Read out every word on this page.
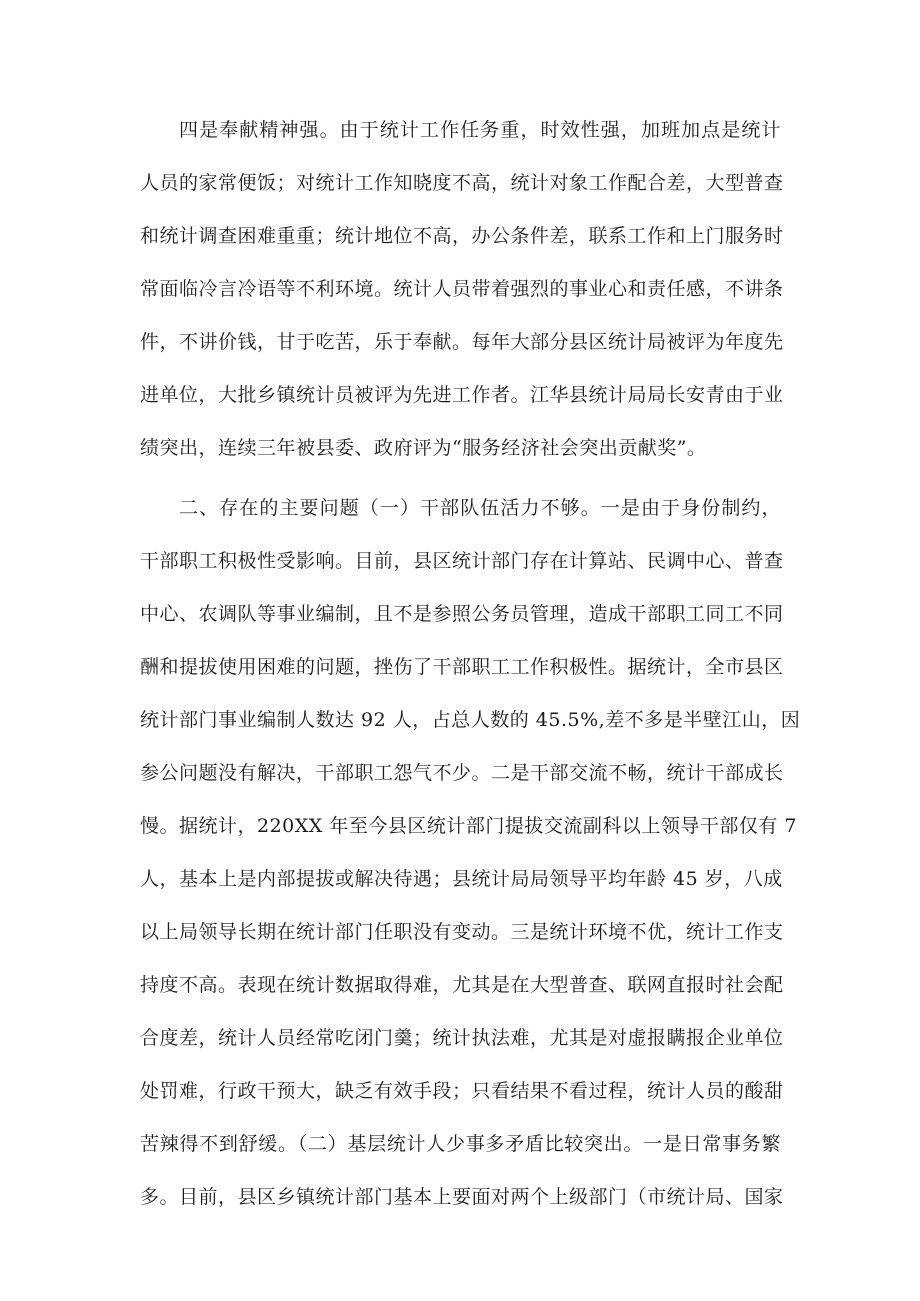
四是奉献精神强。由于统计工作任务重，时效性强，加班加点是统计
人员的家常便饭；对统计工作知晓度不高，统计对象工作配合差，大型普查
和统计调查困难重重；统计地位不高，办公条件差，联系工作和上门服务时
常面临冷言冷语等不利环境。统计人员带着强烈的事业心和责任感，不讲条
件，不讲价钱，甘于吃苦，乐于奉献。每年大部分县区统计局被评为年度先
进单位，大批乡镇统计员被评为先进工作者。江华县统计局局长安青由于业
绩突出，连续三年被县委、政府评为“服务经济社会突出贡献奖”。
二、存在的主要问题（一）干部队伍活力不够。一是由于身份制约，
干部职工积极性受影响。目前，县区统计部门存在计算站、民调中心、普查
中心、农调队等事业编制，且不是参照公务员管理，造成干部职工同工不同
酬和提拔使用困难的问题，挫伤了干部职工工作积极性。据统计，全市县区
统计部门事业编制人数达 92 人，占总人数的 45.5%,差不多是半壁江山，因
参公问题没有解决，干部职工怨气不少。二是干部交流不畅，统计干部成长
慢。据统计，220XX 年至今县区统计部门提拔交流副科以上领导干部仅有 7
人，基本上是内部提拔或解决待遇；县统计局局领导平均年龄 45 岁，八成
以上局领导长期在统计部门任职没有变动。三是统计环境不优，统计工作支
持度不高。表现在统计数据取得难，尤其是在大型普查、联网直报时社会配
合度差，统计人员经常吃闭门羹；统计执法难，尤其是对虚报瞒报企业单位
处罚难，行政干预大，缺乏有效手段；只看结果不看过程，统计人员的酸甜
苦辣得不到舒缓。（二）基层统计人少事多矛盾比较突出。一是日常事务繁
多。目前，县区乡镇统计部门基本上要面对两个上级部门（市统计局、国家
